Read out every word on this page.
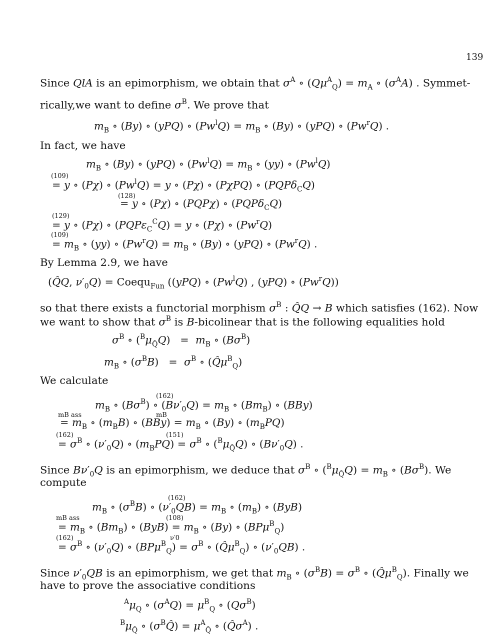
139
Since QlA is an epimorphism, we obtain that $\sigma^A$ ∘ $(Q\mu^A_Q) = m_A$ ∘ $(\sigma^AA)$ . Symmet-
rically,we want to define $\sigma^B$. We prove that
$m_B$ ∘ (By) ∘ (yPQ) ∘ $(Pw^lQ) = m_B$ ∘ (By) ∘ (yPQ) ∘ (Pw$^r$Q) .
In fact, we have
$m_B$ ∘ (By) ∘ (yPQ) ∘ $(Pw^lQ) = m_B$ ∘ (yy) ∘ (Pw$^l$Q)
(109)
= y ∘ (Pχ) ∘ $(Pw^lQ) = y$ ∘ (Pχ) ∘ (PχPQ) ∘ (PQPδ$_C$Q)
(128)
= y ∘ (Pχ) ∘ (PQPχ) ∘ (PQPδ$_C$Q)
(129)
= y ∘ (Pχ) ∘ (PQPε$_C^C$Q) = y ∘ (Pχ) ∘ (Pw$^r$Q)
(109)
= $m_B$ ∘ (yy) ∘ $(Pw^rQ) = m_B$ ∘ (By) ∘ (yPQ) ∘ (Pw$^r$Q) .
By Lemma 2.9, we have
(Q̂Q, $\nu'_0Q$) = Coequ$_{Fun}$ ((yPQ) ∘ (Pw$^l$Q) , (yPQ) ∘ (Pw$^r$Q))
so that there exists a functorial morphism $\sigma^B$ : Q̂Q → B which satisfies (162). Now
we want to show that $\sigma^B$ is B-bicolinear that is the following equalities hold
$\sigma^B$ ∘ $(^B\mu_{Q̂}Q) = m_B$ ∘ $(B\sigma^B)$
$m_B$ ∘ $(\sigma^BB) = \sigma^B$ ∘ $(Q̂\mu^B_Q)$
We calculate
(162)
$m_B$ ∘ $(B\sigma^B)$ ∘ $(B\nu'_0Q) = m_B$ ∘ $(Bm_B)$ ∘ (BBy)
mB ass	mB
= $m_B$ ∘ $(m_BB)$ ∘ $(BBy) = m_B$ ∘ (By) ∘ $(m_BPQ)$
(162)	(151)
= $\sigma^B$ ∘ $(\nu'_0Q)$ ∘ $(m_BPQ) = \sigma^B$ ∘ $(^B\mu_{Q̂}Q)$ ∘ $(B\nu'_0Q)$ .
Since $B\nu'_0Q$ is an epimorphism, we deduce that $\sigma^B$ ∘ $(^B\mu_{Q̂}Q) = m_B$ ∘ $(B\sigma^B)$. We
compute
(162)
$m_B$ ∘ $(\sigma^BB)$ ∘ $(\nu'_0QB) = m_B$ ∘ $(m_B)$ ∘ (ByB)
mB ass	(108)
= $m_B$ ∘ $(Bm_B)$ ∘ $(ByB) = m_B$ ∘ (By) ∘ (BPμ$^B_Q$)
(162)	ν′0
= $\sigma^B$ ∘ $(\nu'_0Q)$ ∘ $(BP\mu^B_Q) = \sigma^B$ ∘ $(Q̂\mu^B_Q)$ ∘ $(\nu'_0QB)$ .
Since $\nu'_0QB$ is an epimorphism, we get that $m_B$ ∘ $(\sigma^BB) = \sigma^B$ ∘ $(Q̂\mu^B_Q)$. Finally we
have to prove the associative conditions
$^A\mu_Q$ ∘ $(\sigma^AQ) = \mu^B_Q$ ∘ $(Q\sigma^B)$
$^B\mu_{Q̂}$ ∘ $(\sigma^BQ̂) = \mu^A_{Q̂}$ ∘ $(Q̂\sigma^A)$ .
